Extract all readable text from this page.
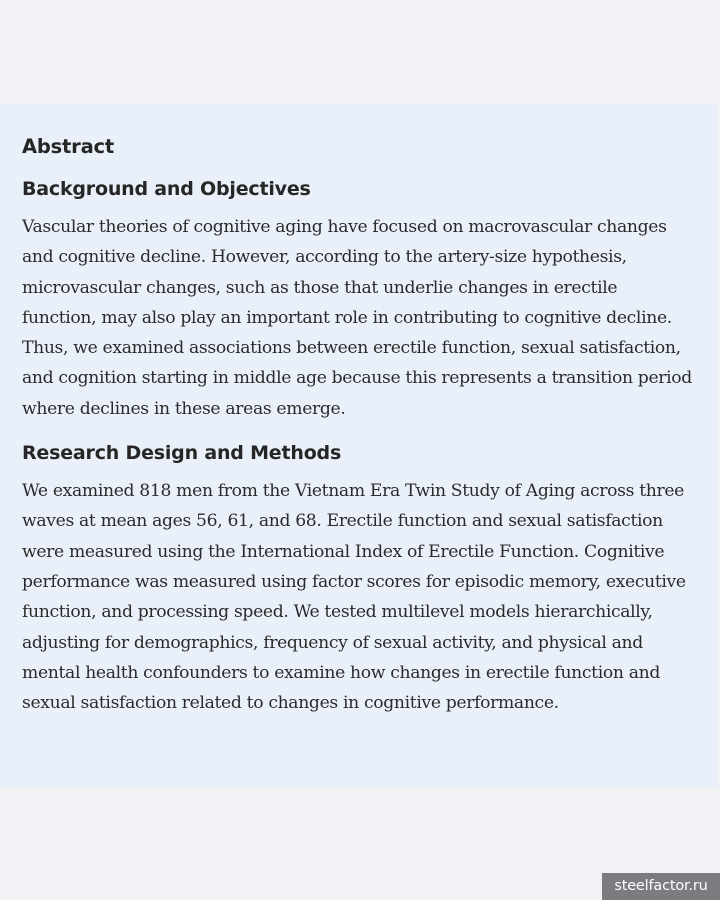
Abstract
Background and Objectives

Vascular theories of cognitive aging have focused on macrovascular changes and cognitive decline. However, according to the artery-size hypothesis, microvascular changes, such as those that underlie changes in erectile function, may also play an important role in contributing to cognitive decline. Thus, we examined associations between erectile function, sexual satisfaction, and cognition starting in middle age because this represents a transition period where declines in these areas emerge.

Research Design and Methods

We examined 818 men from the Vietnam Era Twin Study of Aging across three waves at mean ages 56, 61, and 68. Erectile function and sexual satisfaction were measured using the International Index of Erectile Function. Cognitive performance was measured using factor scores for episodic memory, executive function, and processing speed. We tested multilevel models hierarchically, adjusting for demographics, frequency of sexual activity, and physical and mental health confounders to examine how changes in erectile function and sexual satisfaction related to changes in cognitive performance.

steelfactor.ru
